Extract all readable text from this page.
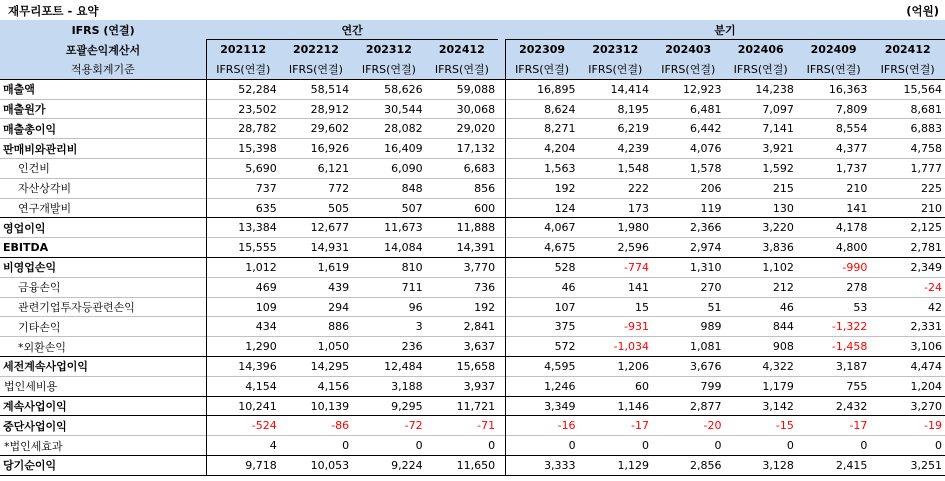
재무리포트 - 요약	(억원)
IFRS (연결)	연간					분기					
포괄손익계산서	202112	202212	202312	202412		202309	202312	202403	202406	202409	202412
적용회계기준	IFRS(연결)	IFRS(연결)	IFRS(연결)	IFRS(연결)		IFRS(연결)	IFRS(연결)	IFRS(연결)	IFRS(연결)	IFRS(연결)	IFRS(연결)
매출액	52,284	58,514	58,626	59,088		16,895	14,414	12,923	14,238	16,363	15,564
매출원가	23,502	28,912	30,544	30,068		8,624	8,195	6,481	7,097	7,809	8,681
매출총이익	28,782	29,602	28,082	29,020		8,271	6,219	6,442	7,141	8,554	6,883
판매비와관리비	15,398	16,926	16,409	17,132		4,204	4,239	4,076	3,921	4,377	4,758
인건비	5,690	6,121	6,090	6,683		1,563	1,548	1,578	1,592	1,737	1,777
자산상각비	737	772	848	856		192	222	206	215	210	225
연구개발비	635	505	507	600		124	173	119	130	141	210
영업이익	13,384	12,677	11,673	11,888		4,067	1,980	2,366	3,220	4,178	2,125
EBITDA	15,555	14,931	14,084	14,391		4,675	2,596	2,974	3,836	4,800	2,781
비영업손익	1,012	1,619	810	3,770		528	-774	1,310	1,102	-990	2,349
금융손익	469	439	711	736		46	141	270	212	278	-24
관련기업투자등관련손익	109	294	96	192		107	15	51	46	53	42
기타손익	434	886	3	2,841		375	-931	989	844	-1,322	2,331
*외환손익	1,290	1,050	236	3,637		572	-1,034	1,081	908	-1,458	3,106
세전계속사업이익	14,396	14,295	12,484	15,658		4,595	1,206	3,676	4,322	3,187	4,474
법인세비용	4,154	4,156	3,188	3,937		1,246	60	799	1,179	755	1,204
계속사업이익	10,241	10,139	9,295	11,721		3,349	1,146	2,877	3,142	2,432	3,270
중단사업이익	-524	-86	-72	-71		-16	-17	-20	-15	-17	-19
*법인세효과	4	0	0	0		0	0	0	0	0	0
당기순이익	9,718	10,053	9,224	11,650		3,333	1,129	2,856	3,128	2,415	3,251
